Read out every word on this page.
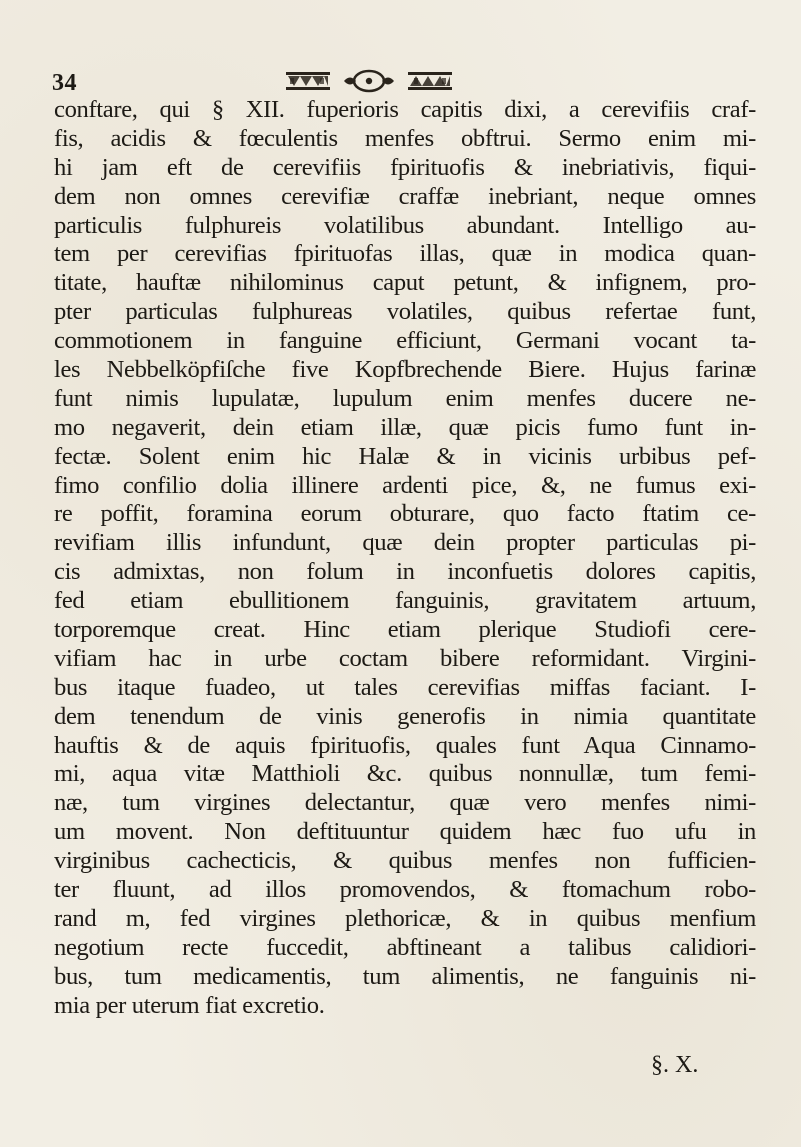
34
conftare, qui § XII. fuperioris capitis dixi, a cerevifiis craf-
fis, acidis & fœculentis menfes obftrui. Sermo enim mi-
hi jam eft de cerevifiis fpirituofis & inebriativis, fiqui-
dem non omnes cerevifiæ craffæ inebriant, neque omnes
particulis fulphureis volatilibus abundant. Intelligo au-
tem per cerevifias fpirituofas illas, quæ in modica quan-
titate, hauftæ nihilominus caput petunt, & infignem, pro-
pter particulas fulphureas volatiles, quibus refertae funt,
commotionem in fanguine efficiunt, Germani vocant ta-
les Nebbelköpfiſche five Kopfbrechende Biere. Hujus farinæ
funt nimis lupulatæ, lupulum enim menfes ducere ne-
mo negaverit, dein etiam illæ, quæ picis fumo funt in-
fectæ. Solent enim hic Halæ & in vicinis urbibus pef-
fimo confilio dolia illinere ardenti pice, &, ne fumus exi-
re poffit, foramina eorum obturare, quo facto ftatim ce-
revifiam illis infundunt, quæ dein propter particulas pi-
cis admixtas, non folum in inconfuetis dolores capitis,
fed etiam ebullitionem fanguinis, gravitatem artuum,
torporemque creat. Hinc etiam plerique Studiofi cere-
vifiam hac in urbe coctam bibere reformidant. Virgini-
bus itaque fuadeo, ut tales cerevifias miffas faciant. I-
dem tenendum de vinis generofis in nimia quantitate
hauftis & de aquis fpirituofis, quales funt Aqua Cinnamo-
mi, aqua vitæ Matthioli &c. quibus nonnullæ, tum femi-
næ, tum virgines delectantur, quæ vero menfes nimi-
um movent. Non deftituuntur quidem hæc fuo ufu in
virginibus cachecticis, & quibus menfes non fufficien-
ter fluunt, ad illos promovendos, & ftomachum robo-
rand m, fed virgines plethoricæ, & in quibus menfium
negotium recte fuccedit, abftineant a talibus calidiori-
bus, tum medicamentis, tum alimentis, ne fanguinis ni-
mia per uterum fiat excretio.
§. X.
